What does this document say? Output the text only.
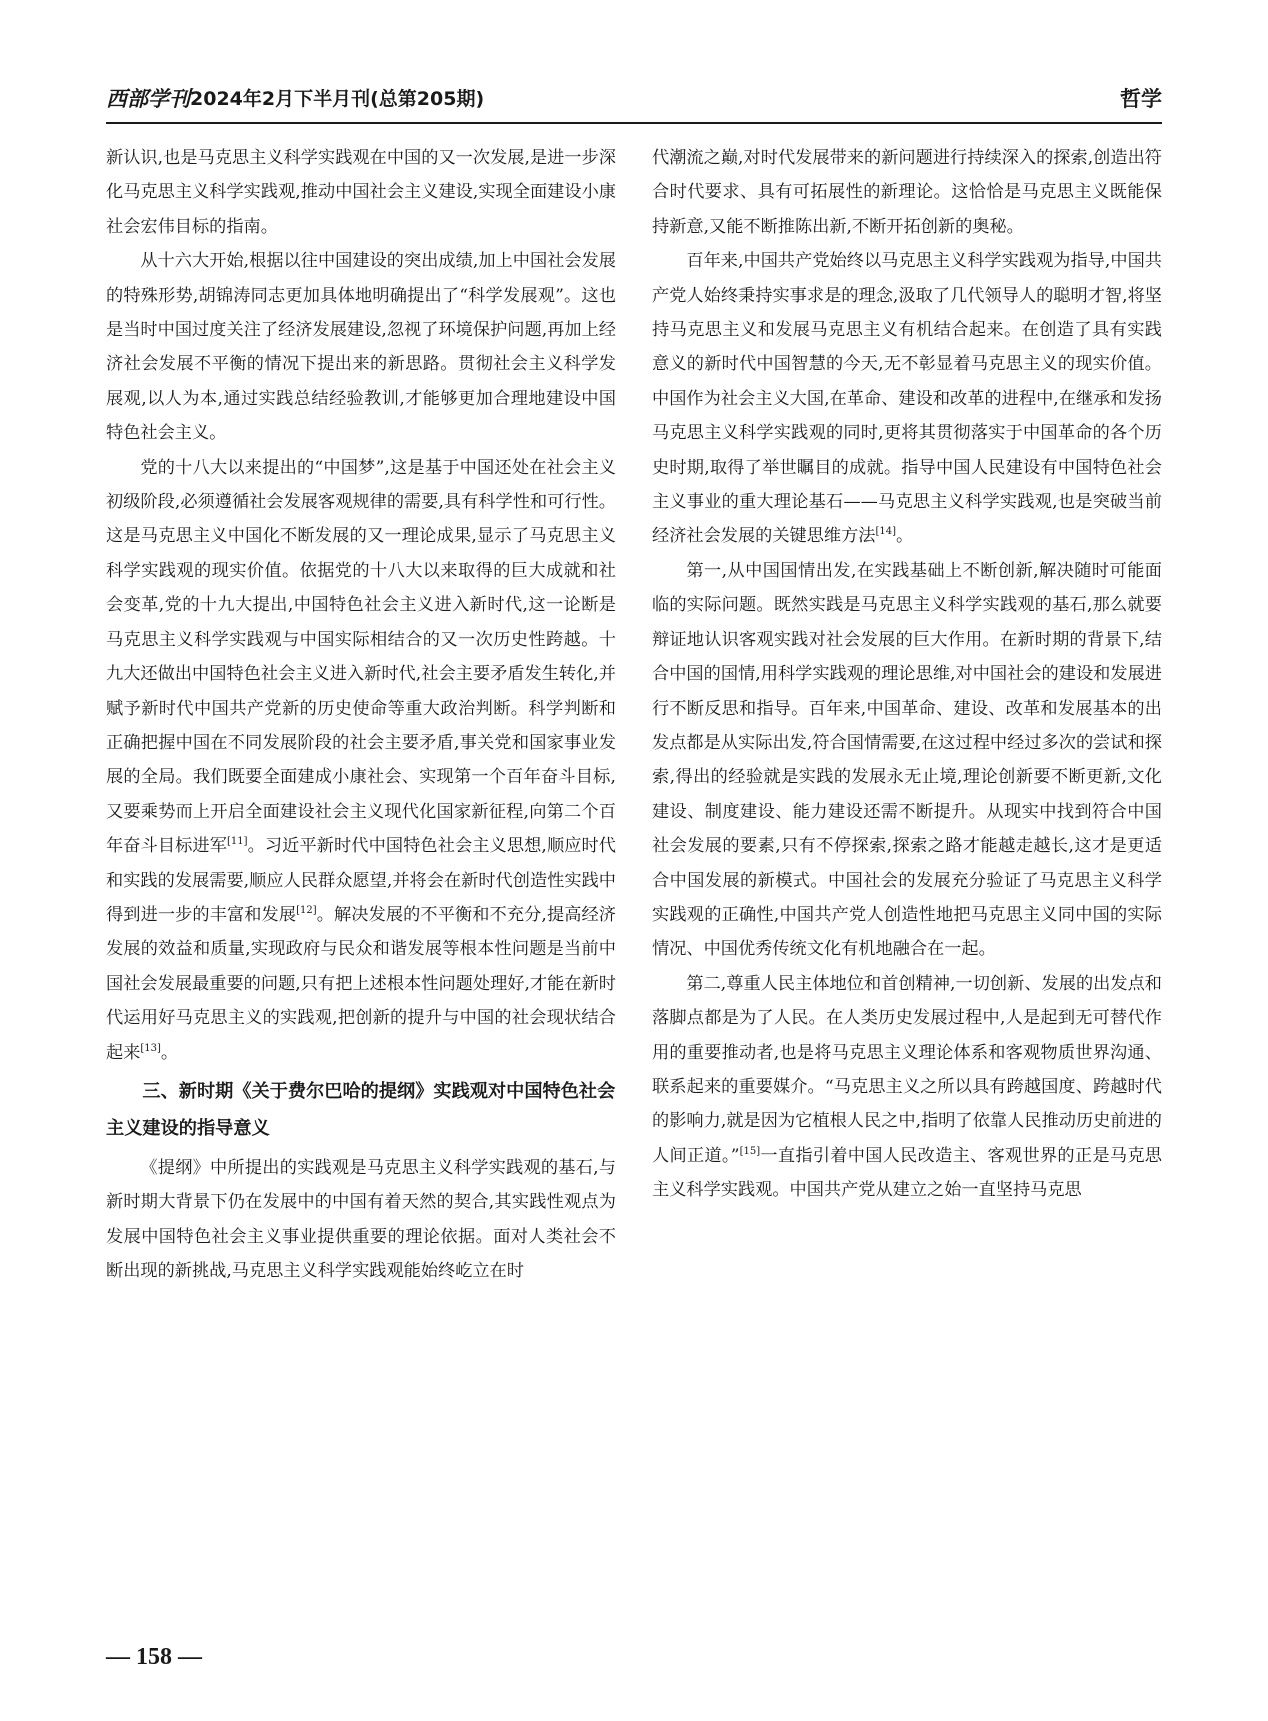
西部学刊 2024年2月下半月刊(总第205期)	哲学

新认识,也是马克思主义科学实践观在中国的又一次发展,是进一步深化马克思主义科学实践观,推动中国社会主义建设,实现全面建设小康社会宏伟目标的指南。

从十六大开始,根据以往中国建设的突出成绩,加上中国社会发展的特殊形势,胡锦涛同志更加具体地明确提出了“科学发展观”。这也是当时中国过度关注了经济发展建设,忽视了环境保护问题,再加上经济社会发展不平衡的情况下提出来的新思路。贯彻社会主义科学发展观,以人为本,通过实践总结经验教训,才能够更加合理地建设中国特色社会主义。

党的十八大以来提出的“中国梦”,这是基于中国还处在社会主义初级阶段,必须遵循社会发展客观规律的需要,具有科学性和可行性。这是马克思主义中国化不断发展的又一理论成果,显示了马克思主义科学实践观的现实价值。依据党的十八大以来取得的巨大成就和社会变革,党的十九大提出,中国特色社会主义进入新时代,这一论断是马克思主义科学实践观与中国实际相结合的又一次历史性跨越。十九大还做出中国特色社会主义进入新时代,社会主要矛盾发生转化,并赋予新时代中国共产党新的历史使命等重大政治判断。科学判断和正确把握中国在不同发展阶段的社会主要矛盾,事关党和国家事业发展的全局。我们既要全面建成小康社会、实现第一个百年奋斗目标,又要乘势而上开启全面建设社会主义现代化国家新征程,向第二个百年奋斗目标进军[11]。习近平新时代中国特色社会主义思想,顺应时代和实践的发展需要,顺应人民群众愿望,并将会在新时代创造性实践中得到进一步的丰富和发展[12]。解决发展的不平衡和不充分,提高经济发展的效益和质量,实现政府与民众和谐发展等根本性问题是当前中国社会发展最重要的问题,只有把上述根本性问题处理好,才能在新时代运用好马克思主义的实践观,把创新的提升与中国的社会现状结合起来[13]。

三、新时期《关于费尔巴哈的提纲》实践观对中国特色社会主义建设的指导意义

《提纲》中所提出的实践观是马克思主义科学实践观的基石,与新时期大背景下仍在发展中的中国有着天然的契合,其实践性观点为发展中国特色社会主义事业提供重要的理论依据。面对人类社会不断出现的新挑战,马克思主义科学实践观能始终屹立在时

代潮流之巅,对时代发展带来的新问题进行持续深入的探索,创造出符合时代要求、具有可拓展性的新理论。这恰恰是马克思主义既能保持新意,又能不断推陈出新,不断开拓创新的奥秘。

百年来,中国共产党始终以马克思主义科学实践观为指导,中国共产党人始终秉持实事求是的理念,汲取了几代领导人的聪明才智,将坚持马克思主义和发展马克思主义有机结合起来。在创造了具有实践意义的新时代中国智慧的今天,无不彰显着马克思主义的现实价值。中国作为社会主义大国,在革命、建设和改革的进程中,在继承和发扬马克思主义科学实践观的同时,更将其贯彻落实于中国革命的各个历史时期,取得了举世瞩目的成就。指导中国人民建设有中国特色社会主义事业的重大理论基石——马克思主义科学实践观,也是突破当前经济社会发展的关键思维方法[14]。

第一,从中国国情出发,在实践基础上不断创新,解决随时可能面临的实际问题。既然实践是马克思主义科学实践观的基石,那么就要辩证地认识客观实践对社会发展的巨大作用。在新时期的背景下,结合中国的国情,用科学实践观的理论思维,对中国社会的建设和发展进行不断反思和指导。百年来,中国革命、建设、改革和发展基本的出发点都是从实际出发,符合国情需要,在这过程中经过多次的尝试和探索,得出的经验就是实践的发展永无止境,理论创新要不断更新,文化建设、制度建设、能力建设还需不断提升。从现实中找到符合中国社会发展的要素,只有不停探索,探索之路才能越走越长,这才是更适合中国发展的新模式。中国社会的发展充分验证了马克思主义科学实践观的正确性,中国共产党人创造性地把马克思主义同中国的实际情况、中国优秀传统文化有机地融合在一起。

第二,尊重人民主体地位和首创精神,一切创新、发展的出发点和落脚点都是为了人民。在人类历史发展过程中,人是起到无可替代作用的重要推动者,也是将马克思主义理论体系和客观物质世界沟通、联系起来的重要媒介。“马克思主义之所以具有跨越国度、跨越时代的影响力,就是因为它植根人民之中,指明了依靠人民推动历史前进的人间正道。”[15]一直指引着中国人民改造主、客观世界的正是马克思主义科学实践观。中国共产党从建立之始一直坚持马克思

— 158 —
